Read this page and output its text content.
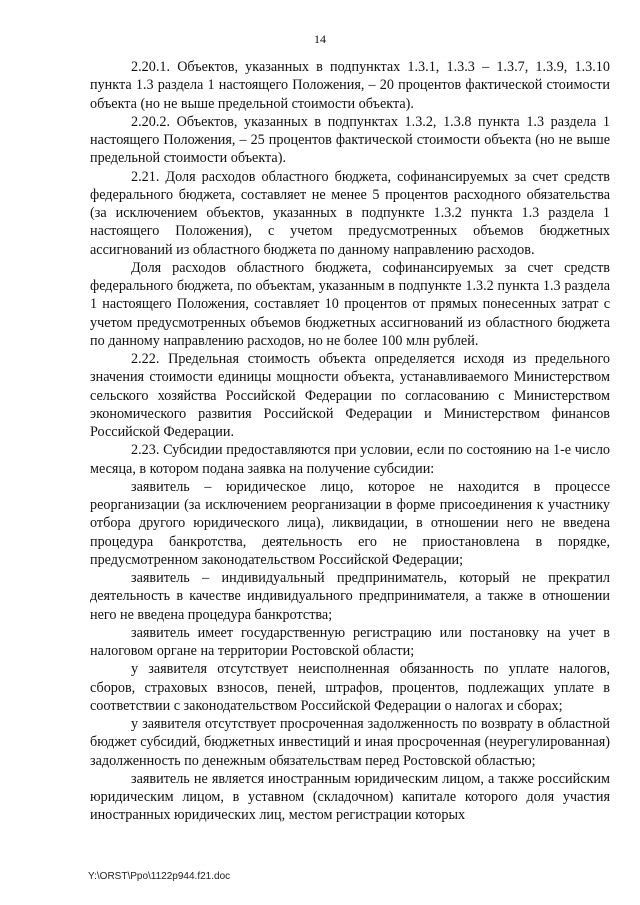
14

2.20.1. Объектов, указанных в подпунктах 1.3.1, 1.3.3 – 1.3.7, 1.3.9, 1.3.10 пункта 1.3 раздела 1 настоящего Положения, – 20 процентов фактической стоимости объекта (но не выше предельной стоимости объекта).

2.20.2. Объектов, указанных в подпунктах 1.3.2, 1.3.8 пункта 1.3 раздела 1 настоящего Положения, – 25 процентов фактической стоимости объекта (но не выше предельной стоимости объекта).

2.21. Доля расходов областного бюджета, софинансируемых за счет средств федерального бюджета, составляет не менее 5 процентов расходного обязательства (за исключением объектов, указанных в подпункте 1.3.2 пункта 1.3 раздела 1 настоящего Положения), с учетом предусмотренных объемов бюджетных ассигнований из областного бюджета по данному направлению расходов.

Доля расходов областного бюджета, софинансируемых за счет средств федерального бюджета, по объектам, указанным в подпункте 1.3.2 пункта 1.3 раздела 1 настоящего Положения, составляет 10 процентов от прямых понесенных затрат с учетом предусмотренных объемов бюджетных ассигнований из областного бюджета по данному направлению расходов, но не более 100 млн рублей.

2.22. Предельная стоимость объекта определяется исходя из предельного значения стоимости единицы мощности объекта, устанавливаемого Министерством сельского хозяйства Российской Федерации по согласованию с Министерством экономического развития Российской Федерации и Министерством финансов Российской Федерации.

2.23. Субсидии предоставляются при условии, если по состоянию на 1-е число месяца, в котором подана заявка на получение субсидии:

заявитель – юридическое лицо, которое не находится в процессе реорганизации (за исключением реорганизации в форме присоединения к участнику отбора другого юридического лица), ликвидации, в отношении него не введена процедура банкротства, деятельность его не приостановлена в порядке, предусмотренном законодательством Российской Федерации;

заявитель – индивидуальный предприниматель, который не прекратил деятельность в качестве индивидуального предпринимателя, а также в отношении него не введена процедура банкротства;

заявитель имеет государственную регистрацию или постановку на учет в налоговом органе на территории Ростовской области;

у заявителя отсутствует неисполненная обязанность по уплате налогов, сборов, страховых взносов, пеней, штрафов, процентов, подлежащих уплате в соответствии с законодательством Российской Федерации о налогах и сборах;

у заявителя отсутствует просроченная задолженность по возврату в областной бюджет субсидий, бюджетных инвестиций и иная просроченная (неурегулированная) задолженность по денежным обязательствам перед Ростовской областью;

заявитель не является иностранным юридическим лицом, а также российским юридическим лицом, в уставном (складочном) капитале которого доля участия иностранных юридических лиц, местом регистрации которых

Y:\ORST\Ppo\1122p944.f21.doc
